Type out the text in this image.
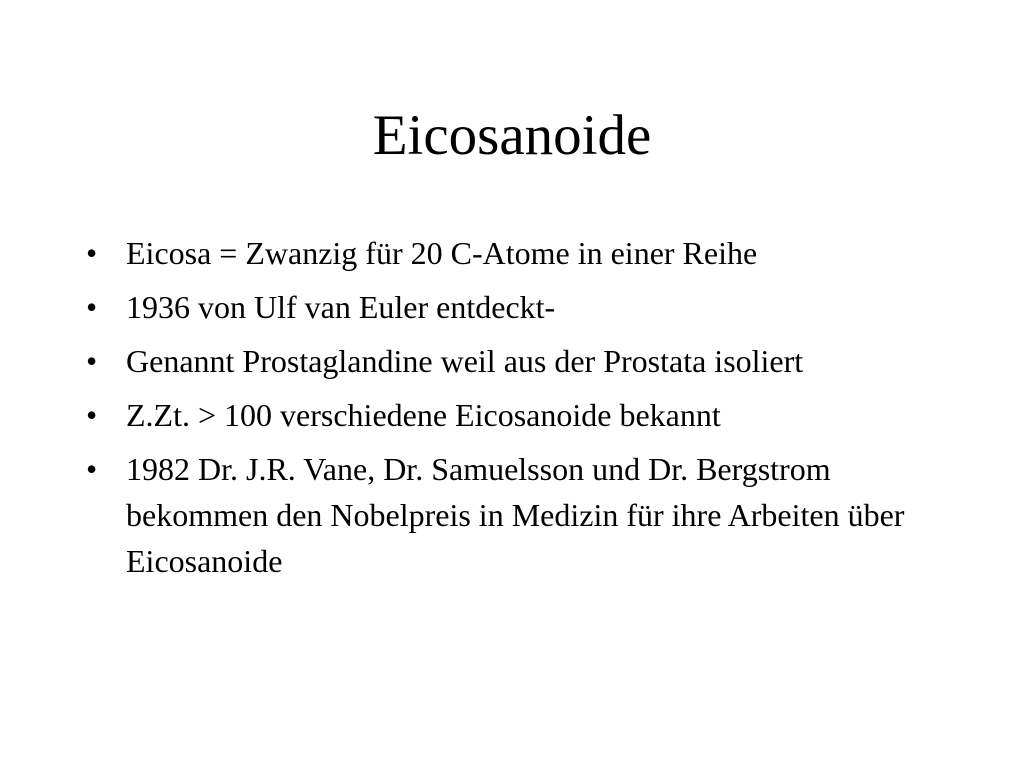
Eicosanoide
• Eicosa = Zwanzig für 20 C-Atome in einer Reihe
• 1936 von Ulf van Euler entdeckt-
• Genannt Prostaglandine weil aus der Prostata isoliert
• Z.Zt. > 100 verschiedene Eicosanoide bekannt
• 1982 Dr. J.R. Vane, Dr. Samuelsson und Dr. Bergstrom bekommen den Nobelpreis in Medizin für ihre Arbeiten über Eicosanoide
